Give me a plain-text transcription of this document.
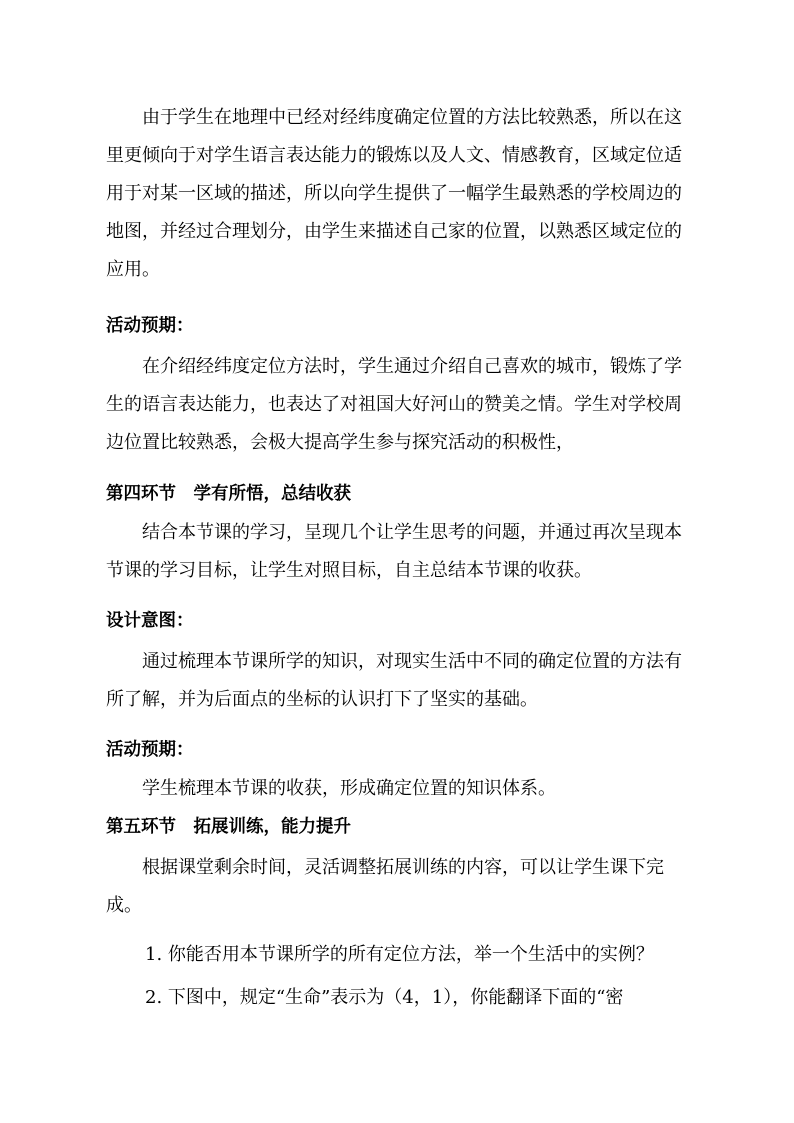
由于学生在地理中已经对经纬度确定位置的方法比较熟悉，所以在这里更倾向于对学生语言表达能力的锻炼以及人文、情感教育，区域定位适用于对某一区域的描述，所以向学生提供了一幅学生最熟悉的学校周边的地图，并经过合理划分，由学生来描述自己家的位置，以熟悉区域定位的应用。

活动预期：

在介绍经纬度定位方法时，学生通过介绍自己喜欢的城市，锻炼了学生的语言表达能力，也表达了对祖国大好河山的赞美之情。学生对学校周边位置比较熟悉，会极大提高学生参与探究活动的积极性，

第四环节　学有所悟，总结收获

结合本节课的学习，呈现几个让学生思考的问题，并通过再次呈现本节课的学习目标，让学生对照目标，自主总结本节课的收获。

设计意图：

通过梳理本节课所学的知识，对现实生活中不同的确定位置的方法有所了解，并为后面点的坐标的认识打下了坚实的基础。

活动预期：

学生梳理本节课的收获，形成确定位置的知识体系。

第五环节　拓展训练，能力提升

根据课堂剩余时间，灵活调整拓展训练的内容，可以让学生课下完成。

1. 你能否用本节课所学的所有定位方法，举一个生活中的实例？

2. 下图中，规定“生命”表示为（4，1），你能翻译下面的“密
